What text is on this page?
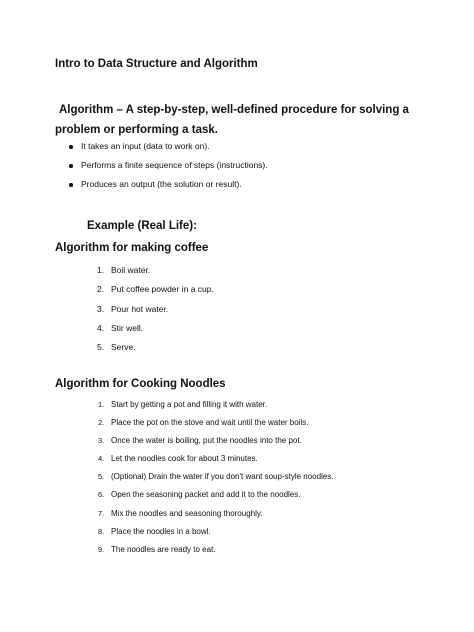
Intro to Data Structure and Algorithm
Algorithm – A step-by-step, well-defined procedure for solving a problem or performing a task.
It takes an input (data to work on).
Performs a finite sequence of steps (instructions).
Produces an output (the solution or result).
Example (Real Life):
Algorithm for making coffee
1. Boil water.
2. Put coffee powder in a cup.
3. Pour hot water.
4. Stir well.
5. Serve.
Algorithm for Cooking Noodles
1. Start by getting a pot and filling it with water.
2. Place the pot on the stove and wait until the water boils.
3. Once the water is boiling, put the noodles into the pot.
4. Let the noodles cook for about 3 minutes.
5. (Optional) Drain the water if you don't want soup-style noodles.
6. Open the seasoning packet and add it to the noodles.
7. Mix the noodles and seasoning thoroughly.
8. Place the noodles in a bowl.
9. The noodles are ready to eat.
